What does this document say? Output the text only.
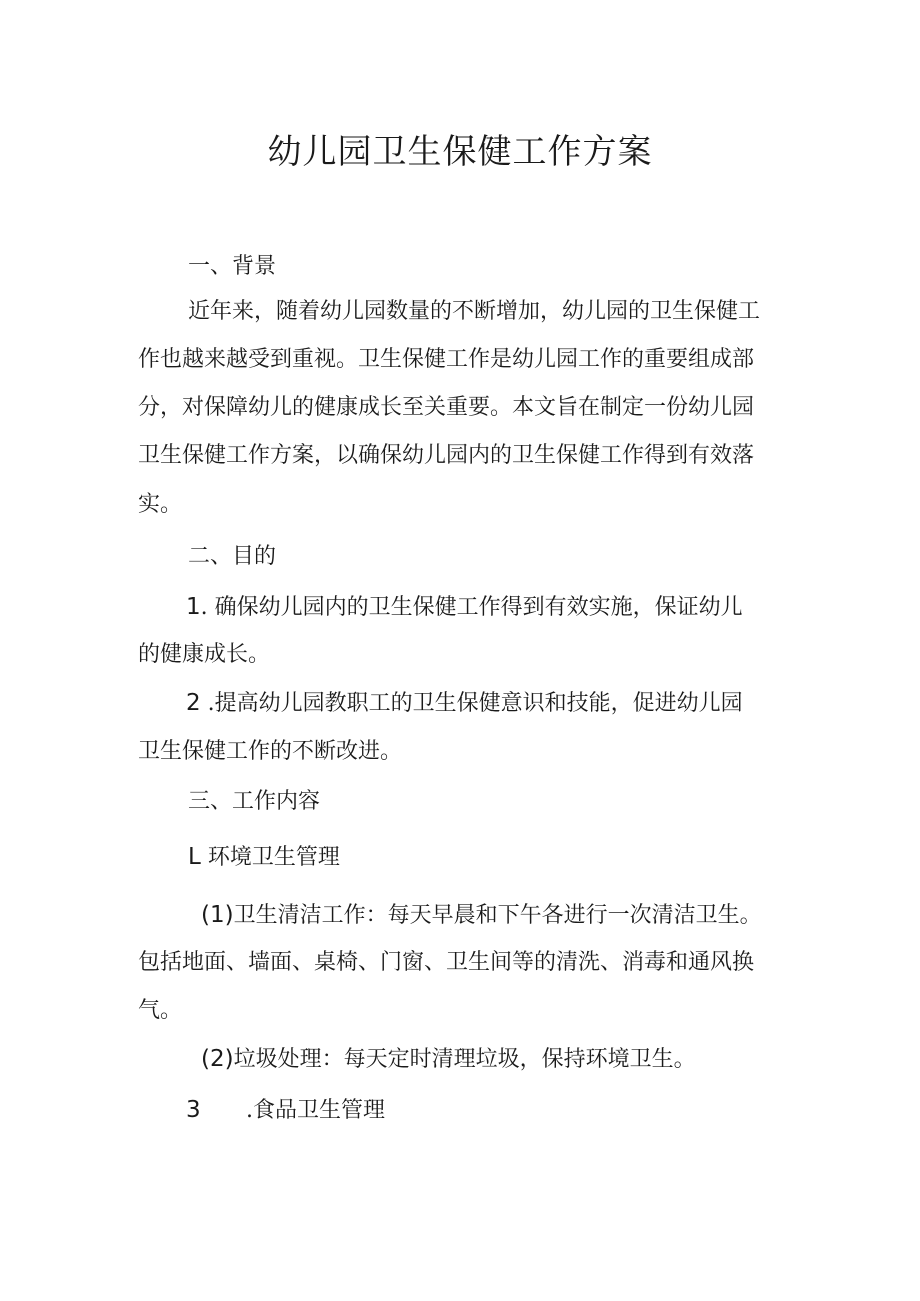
幼儿园卫生保健工作方案

一、背景

近年来，随着幼儿园数量的不断增加，幼儿园的卫生保健工

作也越来越受到重视。卫生保健工作是幼儿园工作的重要组成部

分，对保障幼儿的健康成长至关重要。本文旨在制定一份幼儿园

卫生保健工作方案，以确保幼儿园内的卫生保健工作得到有效落

实。

二、目的

1. 确保幼儿园内的卫生保健工作得到有效实施，保证幼儿

的健康成长。

2 .提高幼儿园教职工的卫生保健意识和技能，促进幼儿园

卫生保健工作的不断改进。

三、工作内容

L 环境卫生管理

(1)卫生清洁工作：每天早晨和下午各进行一次清洁卫生。

包括地面、墙面、桌椅、门窗、卫生间等的清洗、消毒和通风换

气。

(2)垃圾处理：每天定时清理垃圾，保持环境卫生。

3 .食品卫生管理
